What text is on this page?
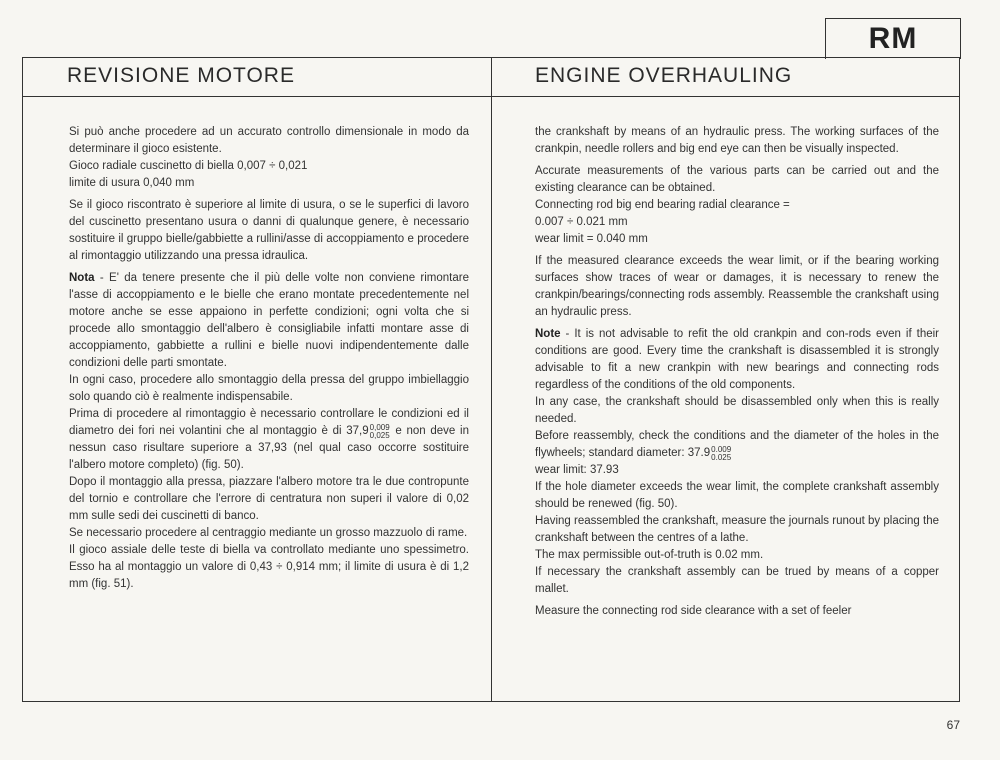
RM
REVISIONE MOTORE	ENGINE OVERHAULING

Si può anche procedere ad un accurato controllo dimensionale in modo da determinare il gioco esistente.

Gioco radiale cuscinetto di biella 0,007 ÷ 0,021

limite di usura 0,040 mm

Se il gioco riscontrato è superiore al limite di usura, o se le superfici di lavoro del cuscinetto presentano usura o danni di qualunque genere, è necessario sostituire il gruppo bielle/gabbiette a rullini/asse di accoppiamento e procedere al rimontaggio utilizzando una pressa idraulica.

Nota - E' da tenere presente che il più delle volte non conviene rimontare l'asse di accoppiamento e le bielle che erano montate precedentemente nel motore anche se esse appaiono in perfette condizioni; ogni volta che si procede allo smontaggio dell'albero è consigliabile infatti montare asse di accoppiamento, gabbiette a rullini e bielle nuovi indipendentemente dalle condizioni delle parti smontate.

In ogni caso, procedere allo smontaggio della pressa del gruppo imbiellaggio solo quando ciò è realmente indispensabile.

Prima di procedere al rimontaggio è necessario controllare le condizioni ed il diametro dei fori nei volantini che al montaggio è di 37,9 0,009
0,025 e non deve in nessun caso risultare superiore a 37,93 (nel qual caso occorre sostituire l'albero motore completo) (fig. 50).

Dopo il montaggio alla pressa, piazzare l'albero motore tra le due contropunte del tornio e controllare che l'errore di centratura non superi il valore di 0,02 mm sulle sedi dei cuscinetti di banco.

Se necessario procedere al centraggio mediante un grosso mazzuolo di rame.

Il gioco assiale delle teste di biella va controllato mediante uno spessimetro. Esso ha al montaggio un valore di 0,43 ÷ 0,914 mm; il limite di usura è di 1,2 mm (fig. 51).

the crankshaft by means of an hydraulic press. The working surfaces of the crankpin, needle rollers and big end eye can then be visually inspected.

Accurate measurements of the various parts can be carried out and the existing clearance can be obtained.

Connecting rod big end bearing radial clearance =

0.007 ÷ 0.021 mm

wear limit = 0.040 mm

If the measured clearance exceeds the wear limit, or if the bearing working surfaces show traces of wear or damages, it is necessary to renew the crankpin/bearings/connecting rods assembly. Reassemble the crankshaft using an hydraulic press.

Note - It is not advisable to refit the old crankpin and con-rods even if their conditions are good. Every time the crankshaft is disassembled it is strongly advisable to fit a new crankpin with new bearings and connecting rods regardless of the conditions of the old components.

In any case, the crankshaft should be disassembled only when this is really needed.

Before reassembly, check the conditions and the diameter of the holes in the flywheels; standard diameter: 37.9 0.009
0.025

wear limit: 37.93

If the hole diameter exceeds the wear limit, the complete crankshaft assembly should be renewed (fig. 50).

Having reassembled the crankshaft, measure the journals runout by placing the crankshaft between the centres of a lathe.

The max permissible out-of-truth is 0.02 mm.

If necessary the crankshaft assembly can be trued by means of a copper mallet.

Measure the connecting rod side clearance with a set of feeler

67
